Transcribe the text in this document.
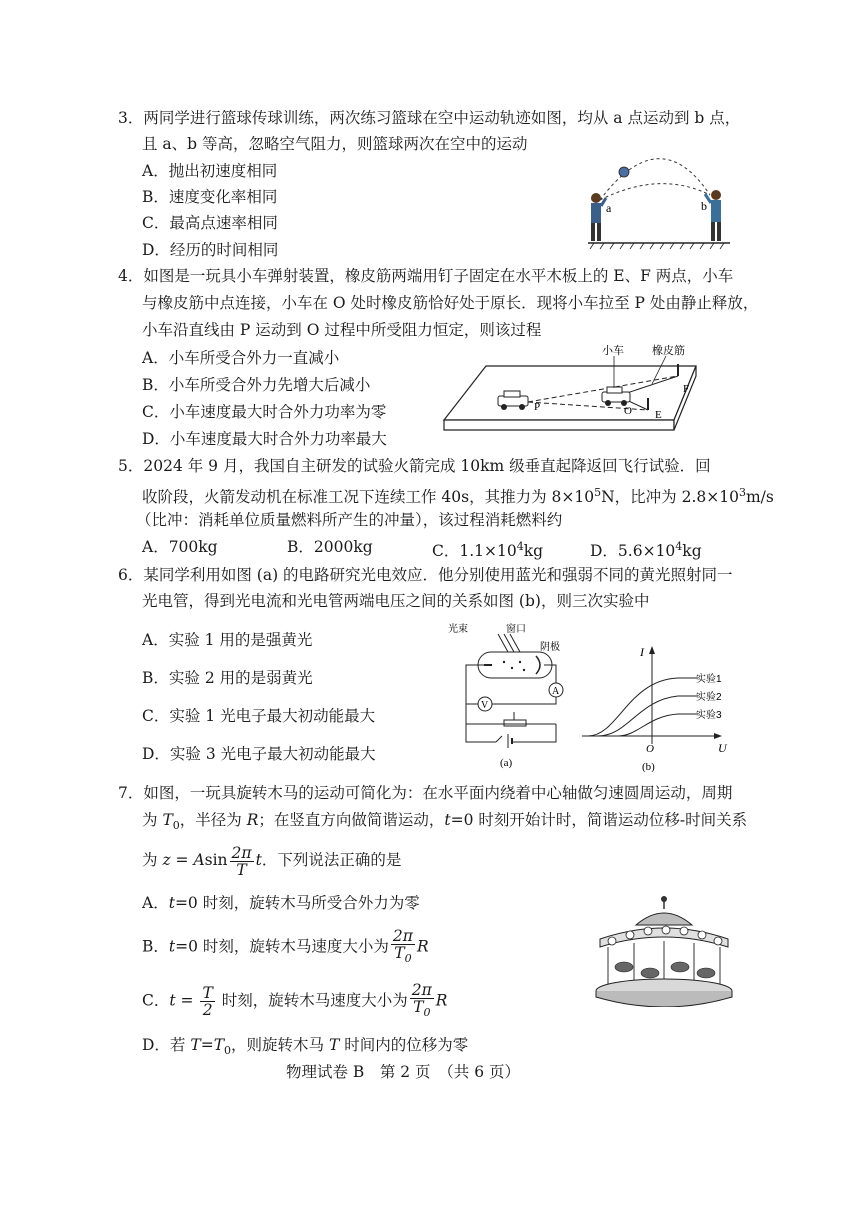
3．两同学进行篮球传球训练，两次练习篮球在空中运动轨迹如图，均从 a 点运动到 b 点，
且 a、b 等高，忽略空气阻力，则篮球两次在空中的运动
A．抛出初速度相同
B．速度变化率相同
C．最高点速率相同
D．经历的时间相同
a	b
4．如图是一玩具小车弹射装置，橡皮筋两端用钉子固定在水平木板上的 E、F 两点，小车
与橡皮筋中点连接，小车在 O 处时橡皮筋恰好处于原长．现将小车拉至 P 处由静止释放，
小车沿直线由 P 运动到 O 过程中所受阻力恒定，则该过程
A．小车所受合外力一直减小
B．小车所受合外力先增大后减小
C．小车速度最大时合外力功率为零
D．小车速度最大时合外力功率最大
小车	橡皮筋
P	O E
F
5．2024 年 9 月，我国自主研发的试验火箭完成 10km 级垂直起降返回飞行试验．回
收阶段，火箭发动机在标准工况下连续工作 40s，其推力为 $8\times 10^5N$，比冲为 $2.8\times 10^3m/s$
（比冲：消耗单位质量燃料所产生的冲量），该过程消耗燃料约
A．700kg	B．2000kg	C．$1.1\times 10^4kg$	D．$5.6\times 10^4kg$
6．某同学利用如图 (a) 的电路研究光电效应．他分别使用蓝光和强弱不同的黄光照射同一
光电管，得到光电流和光电管两端电压之间的关系如图 (b)，则三次实验中
A．实验 1 用的是强黄光
B．实验 2 用的是弱黄光
C．实验 1 光电子最大初动能最大
D．实验 3 光电子最大初动能最大
V
A
光束	窗口
阴极
(a)
I
U
O
实验1
实验2
实验3
(b)
7．如图，一玩具旋转木马的运动可简化为：在水平面内绕着中心轴做匀速圆周运动，周期
为 $T_0$，半径为 R；在竖直方向做简谐运动，t=0 时刻开始计时，简谐运动位移-时间关系
为 z = Asin $\frac{2\pi}{T}$ t．下列说法正确的是
A．t=0 时刻，旋转木马所受合外力为零
B．t=0 时刻，旋转木马速度大小为 $\frac{2\pi}{T_0}$ R
C．$t = \frac{T}{2}$ 时刻，旋转木马速度大小为 $\frac{2\pi}{T_0}$ R
D．若 $T=T_0$，则旋转木马 T 时间内的位移为零
物理试卷 B　第 2 页　（共 6 页）
